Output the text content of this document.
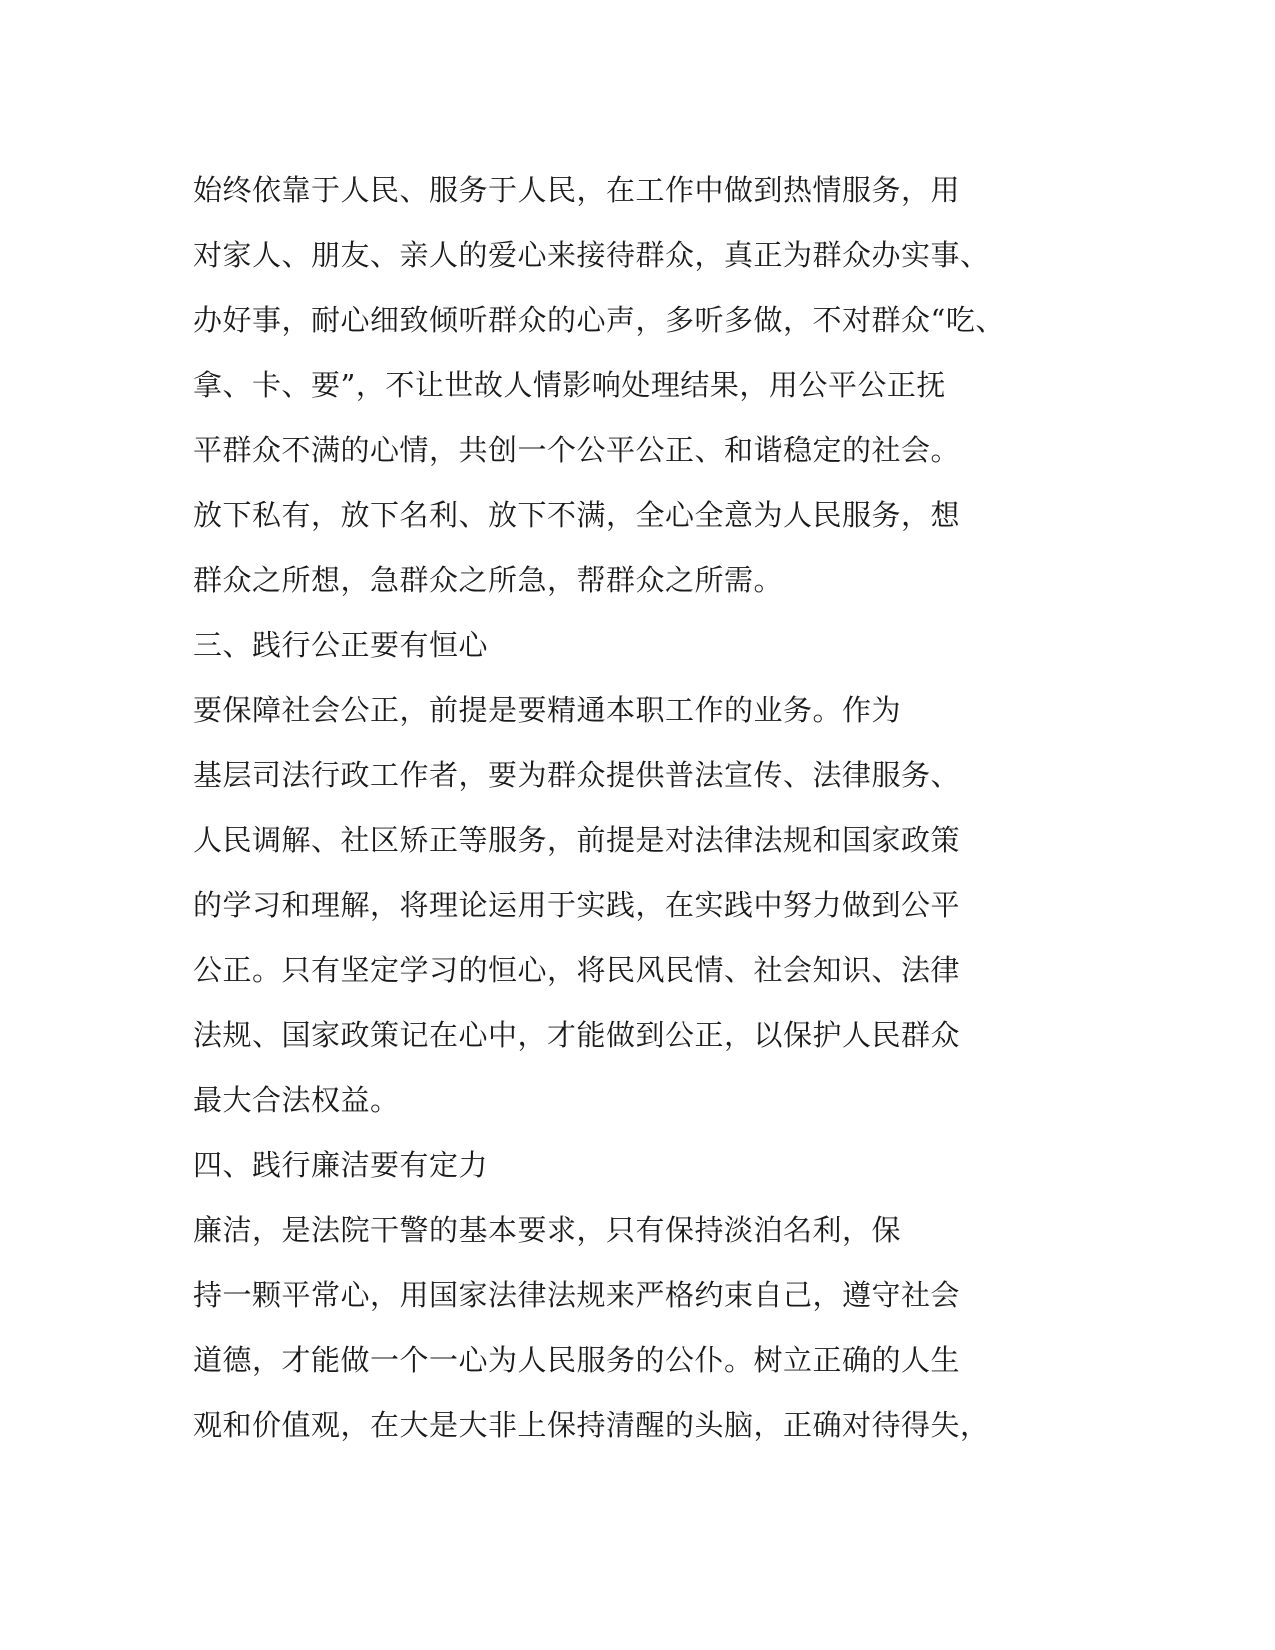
始终依靠于人民、服务于人民，在工作中做到热情服务，用
对家人、朋友、亲人的爱心来接待群众，真正为群众办实事、
办好事，耐心细致倾听群众的心声，多听多做，不对群众“吃、
拿、卡、要”，不让世故人情影响处理结果，用公平公正抚
平群众不满的心情，共创一个公平公正、和谐稳定的社会。
放下私有，放下名利、放下不满，全心全意为人民服务，想
群众之所想，急群众之所急，帮群众之所需。
三、践行公正要有恒心
要保障社会公正，前提是要精通本职工作的业务。作为
基层司法行政工作者，要为群众提供普法宣传、法律服务、
人民调解、社区矫正等服务，前提是对法律法规和国家政策
的学习和理解，将理论运用于实践，在实践中努力做到公平
公正。只有坚定学习的恒心，将民风民情、社会知识、法律
法规、国家政策记在心中，才能做到公正，以保护人民群众
最大合法权益。
四、践行廉洁要有定力
廉洁，是法院干警的基本要求，只有保持淡泊名利，保
持一颗平常心，用国家法律法规来严格约束自己，遵守社会
道德，才能做一个一心为人民服务的公仆。树立正确的人生
观和价值观，在大是大非上保持清醒的头脑，正确对待得失，
